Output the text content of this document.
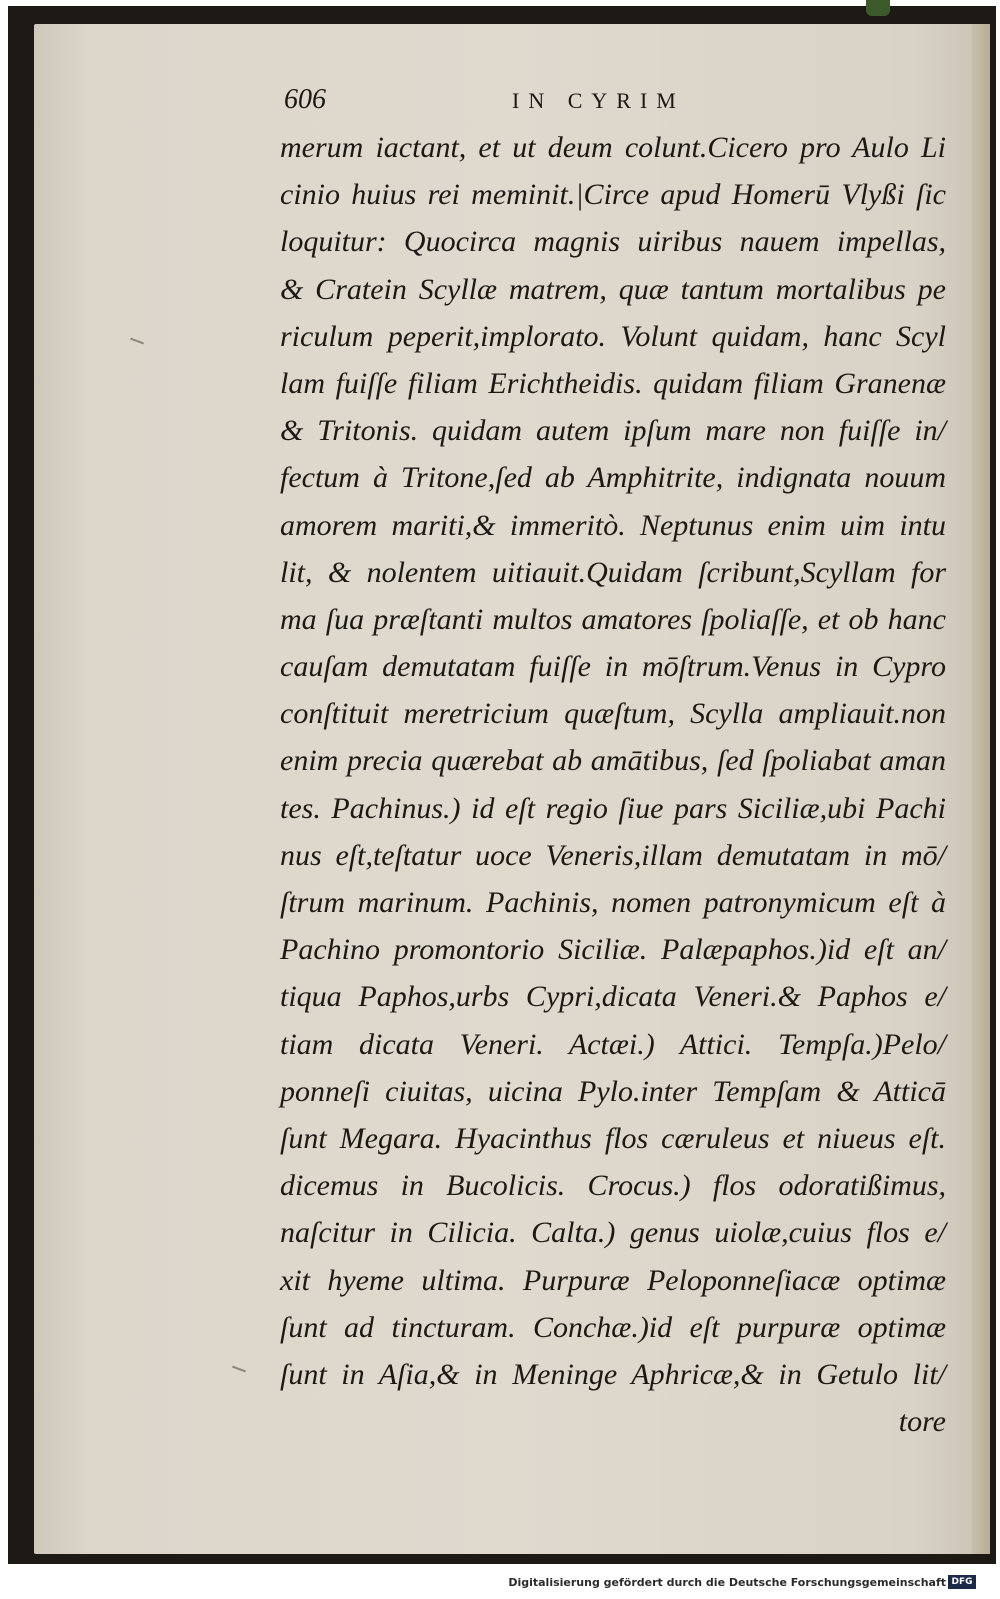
606	IN CYRIM
merum iactant, et ut deum colunt.Cicero pro Aulo Li
cinio huius rei meminit.|Circe apud Homerū Vlyßi ſic
loquitur: Quocirca magnis uiribus nauem impellas,
& Cratein Scyllæ matrem, quæ tantum mortalibus pe
riculum peperit,implorato. Volunt quidam, hanc Scyl
lam fuiſſe filiam Erichtheidis. quidam filiam Granenæ
& Tritonis. quidam autem ipſum mare non fuiſſe in/
fectum à Tritone,ſed ab Amphitrite, indignata nouum
amorem mariti,& immeritò. Neptunus enim uim intu
lit, & nolentem uitiauit.Quidam ſcribunt,Scyllam for
ma ſua præſtanti multos amatores ſpoliaſſe, et ob hanc
cauſam demutatam fuiſſe in mōſtrum.Venus in Cypro
conſtituit meretricium quæſtum, Scylla ampliauit.non
enim precia quærebat ab amātibus, ſed ſpoliabat aman
tes. Pachinus.) id eſt regio ſiue pars Siciliæ,ubi Pachi
nus eſt,teſtatur uoce Veneris,illam demutatam in mō/
ſtrum marinum. Pachinis, nomen patronymicum eſt à
Pachino promontorio Siciliæ. Palæpaphos.)id eſt an/
tiqua Paphos,urbs Cypri,dicata Veneri.& Paphos e/
tiam dicata Veneri. Actæi.) Attici. Tempſa.)Pelo/
ponneſi ciuitas, uicina Pylo.inter Tempſam & Atticā
ſunt Megara. Hyacinthus flos cæruleus et niueus eſt.
dicemus in Bucolicis. Crocus.) flos odoratißimus,
naſcitur in Cilicia. Calta.) genus uiolæ,cuius flos e/
xit hyeme ultima. Purpuræ Peloponneſiacæ optimæ
ſunt ad tincturam. Conchæ.)id eſt purpuræ optimæ
ſunt in Aſia,& in Meninge Aphricæ,& in Getulo lit/
tore
Digitalisierung gefördert durch die Deutsche Forschungsgemeinschaft DFG
